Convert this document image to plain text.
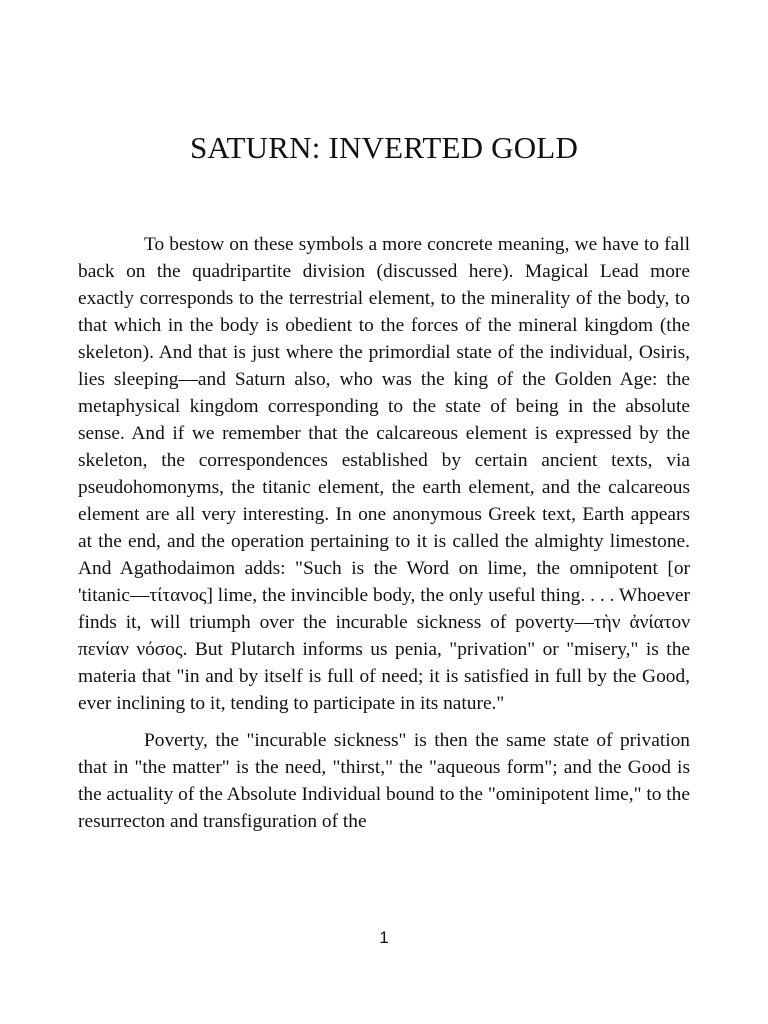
SATURN: INVERTED GOLD

To bestow on these symbols a more concrete meaning, we have to fall back on the quadripartite division (discussed here). Magical Lead more exactly corresponds to the terrestrial element, to the minerality of the body, to that which in the body is obedient to the forces of the mineral kingdom (the skeleton). And that is just where the primordial state of the individual, Osiris, lies sleeping—and Saturn also, who was the king of the Golden Age: the metaphysical kingdom corresponding to the state of being in the absolute sense. And if we remember that the calcareous element is expressed by the skeleton, the correspondences established by certain ancient texts, via pseudohomonyms, the titanic element, the earth element, and the calcareous element are all very interesting. In one anonymous Greek text, Earth appears at the end, and the operation pertaining to it is called the almighty limestone. And Agathodaimon adds: "Such is the Word on lime, the omnipotent [or 'titanic—τίτανος] lime, the invincible body, the only useful thing. . . . Whoever finds it, will triumph over the incurable sickness of poverty—τὴν ἀνίατον πενίαν νόσος. But Plutarch informs us penia, "privation" or "misery," is the materia that "in and by itself is full of need; it is satisfied in full by the Good, ever inclining to it, tending to participate in its nature."

Poverty, the "incurable sickness" is then the same state of privation that in "the matter" is the need, "thirst," the "aqueous form"; and the Good is the actuality of the Absolute Individual bound to the "ominipotent lime," to the resurrecton and transfiguration of the

1
